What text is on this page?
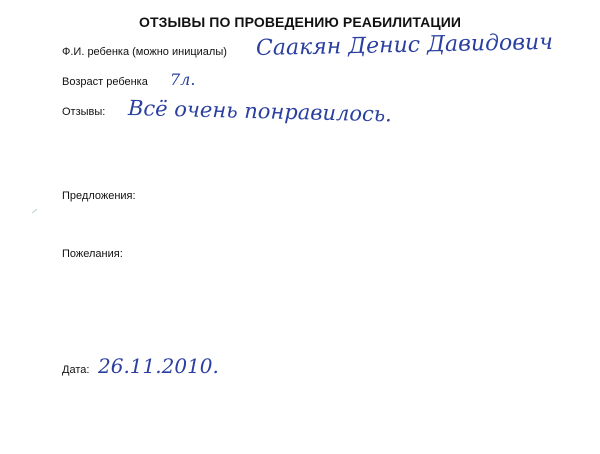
ОТЗЫВЫ ПО ПРОВЕДЕНИЮ РЕАБИЛИТАЦИИ
Ф.И. ребенка (можно инициалы) Саакян Денис Давидович
Возраст ребенка 7л.
Отзывы: Всё очень понравилось.
Предложения:
Пожелания:
Дата: 26.11.2010.
